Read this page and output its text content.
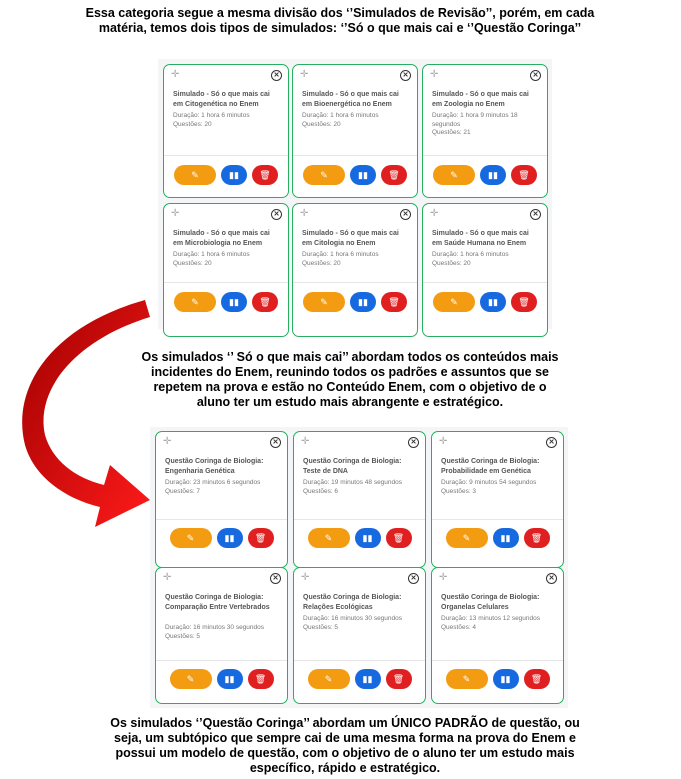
Essa categoria segue a mesma divisão dos ‘’Simulados de Revisão’’, porém, em cada matéria, temos dois tipos de simulados: ‘’Só o que mais cai e ‘’Questão Coringa’’
✛	✕
Simulado - Só o que mais cai em Citogenética no Enem
Duração: 1 hora 6 minutos
Questões: 20
✎	▮▮	🗑
✛	✕
Simulado - Só o que mais cai em Bioenergética no Enem
Duração: 1 hora 6 minutos
Questões: 20
✎	▮▮	🗑
✛	✕
Simulado - Só o que mais cai em Zoologia no Enem
Duração: 1 hora 9 minutos 18 segundos
Questões: 21
✎	▮▮	🗑
✛	✕
Simulado - Só o que mais cai em Microbiologia no Enem
Duração: 1 hora 6 minutos
Questões: 20
✎	▮▮	🗑
✛	✕
Simulado - Só o que mais cai em Citologia no Enem
Duração: 1 hora 6 minutos
Questões: 20
✎	▮▮	🗑
✛	✕
Simulado - Só o que mais cai em Saúde Humana no Enem
Duração: 1 hora 6 minutos
Questões: 20
✎	▮▮	🗑
Os simulados ‘’ Só o que mais cai’’ abordam todos os conteúdos mais incidentes do Enem, reunindo todos os padrões e assuntos que se repetem na prova e estão no Conteúdo Enem, com o objetivo de o aluno ter um estudo mais abrangente e estratégico.
✛	✕
Questão Coringa de Biologia: Engenharia Genética
Duração: 23 minutos 6 segundos
Questões: 7
✎	▮▮	🗑
✛	✕
Questão Coringa de Biologia: Teste de DNA
Duração: 19 minutos 48 segundos
Questões: 6
✎	▮▮	🗑
✛	✕
Questão Coringa de Biologia: Probabilidade em Genética
Duração: 9 minutos 54 segundos
Questões: 3
✎	▮▮	🗑
✛	✕
Questão Coringa de Biologia: Comparação Entre Vertebrados
Duração: 16 minutos 30 segundos
Questões: 5
✎	▮▮	🗑
✛	✕
Questão Coringa de Biologia: Relações Ecológicas
Duração: 16 minutos 30 segundos
Questões: 5
✎	▮▮	🗑
✛	✕
Questão Coringa de Biologia: Organelas Celulares
Duração: 13 minutos 12 segundos
Questões: 4
✎	▮▮	🗑
Os simulados ‘’Questão Coringa’’ abordam um ÚNICO PADRÃO de questão, ou seja, um subtópico que sempre cai de uma mesma forma na prova do Enem e possui um modelo de questão, com o objetivo de o aluno ter um estudo mais específico, rápido e estratégico.
